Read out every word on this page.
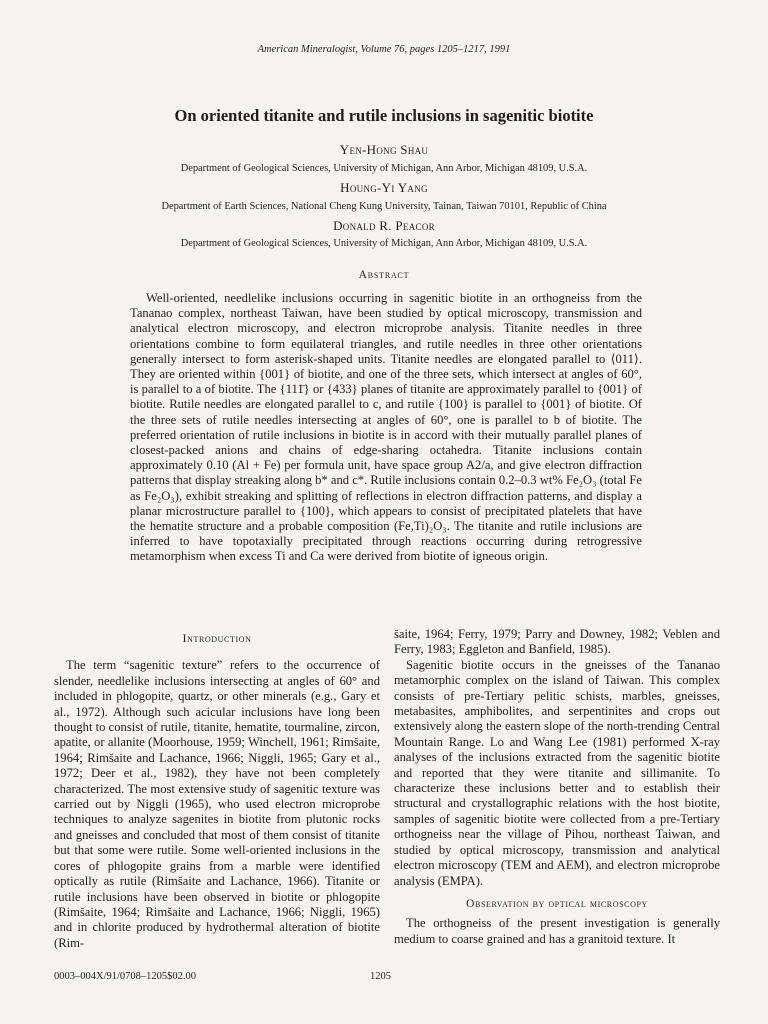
American Mineralogist, Volume 76, pages 1205–1217, 1991
On oriented titanite and rutile inclusions in sagenitic biotite
Yen-Hong Shau
Department of Geological Sciences, University of Michigan, Ann Arbor, Michigan 48109, U.S.A.
Houng-Yi Yang
Department of Earth Sciences, National Cheng Kung University, Tainan, Taiwan 70101, Republic of China
Donald R. Peacor
Department of Geological Sciences, University of Michigan, Ann Arbor, Michigan 48109, U.S.A.
Abstract

Well-oriented, needlelike inclusions occurring in sagenitic biotite in an orthogneiss from the Tananao complex, northeast Taiwan, have been studied by optical microscopy, transmission and analytical electron microscopy, and electron microprobe analysis. Titanite needles in three orientations combine to form equilateral triangles, and rutile needles in three other orientations generally intersect to form asterisk-shaped units. Titanite needles are elongated parallel to ⟨011⟩. They are oriented within {001} of biotite, and one of the three sets, which intersect at angles of 60°, is parallel to a of biotite. The {111̄} or {433} planes of titanite are approximately parallel to {001} of biotite. Rutile needles are elongated parallel to c, and rutile {100} is parallel to {001} of biotite. Of the three sets of rutile needles intersecting at angles of 60°, one is parallel to b of biotite. The preferred orientation of rutile inclusions in biotite is in accord with their mutually parallel planes of closest-packed anions and chains of edge-sharing octahedra. Titanite inclusions contain approximately 0.10 (Al + Fe) per formula unit, have space group A2/a, and give electron diffraction patterns that display streaking along b* and c*. Rutile inclusions contain 0.2–0.3 wt% Fe₂O₃ (total Fe as Fe₂O₃), exhibit streaking and splitting of reflections in electron diffraction patterns, and display a planar microstructure parallel to {100}, which appears to consist of precipitated platelets that have the hematite structure and a probable composition (Fe,Ti)₂O₃. The titanite and rutile inclusions are inferred to have topotaxially precipitated through reactions occurring during retrogressive metamorphism when excess Ti and Ca were derived from biotite of igneous origin.

Introduction

The term “sagenitic texture” refers to the occurrence of slender, needlelike inclusions intersecting at angles of 60° and included in phlogopite, quartz, or other minerals (e.g., Gary et al., 1972). Although such acicular inclusions have long been thought to consist of rutile, titanite, hematite, tourmaline, zircon, apatite, or allanite (Moorhouse, 1959; Winchell, 1961; Rimšaite, 1964; Rimšaite and Lachance, 1966; Niggli, 1965; Gary et al., 1972; Deer et al., 1982), they have not been completely characterized. The most extensive study of sagenitic texture was carried out by Niggli (1965), who used electron microprobe techniques to analyze sagenites in biotite from plutonic rocks and gneisses and concluded that most of them consist of titanite but that some were rutile. Some well-oriented inclusions in the cores of phlogopite grains from a marble were identified optically as rutile (Rimšaite and Lachance, 1966). Titanite or rutile inclusions have been observed in biotite or phlogopite (Rimšaite, 1964; Rimšaite and Lachance, 1966; Niggli, 1965) and in chlorite produced by hydrothermal alteration of biotite (Rim-

šaite, 1964; Ferry, 1979; Parry and Downey, 1982; Veblen and Ferry, 1983; Eggleton and Banfield, 1985).

Sagenitic biotite occurs in the gneisses of the Tananao metamorphic complex on the island of Taiwan. This complex consists of pre-Tertiary pelitic schists, marbles, gneisses, metabasites, amphibolites, and serpentinites and crops out extensively along the eastern slope of the north-trending Central Mountain Range. Lo and Wang Lee (1981) performed X-ray analyses of the inclusions extracted from the sagenitic biotite and reported that they were titanite and sillimanite. To characterize these inclusions better and to establish their structural and crystallographic relations with the host biotite, samples of sagenitic biotite were collected from a pre-Tertiary orthogneiss near the village of Pihou, northeast Taiwan, and studied by optical microscopy, transmission and analytical electron microscopy (TEM and AEM), and electron microprobe analysis (EMPA).

Observation by optical microscopy

The orthogneiss of the present investigation is generally medium to coarse grained and has a granitoid texture. It

0003–004X/91/0708–1205$02.00	1205
